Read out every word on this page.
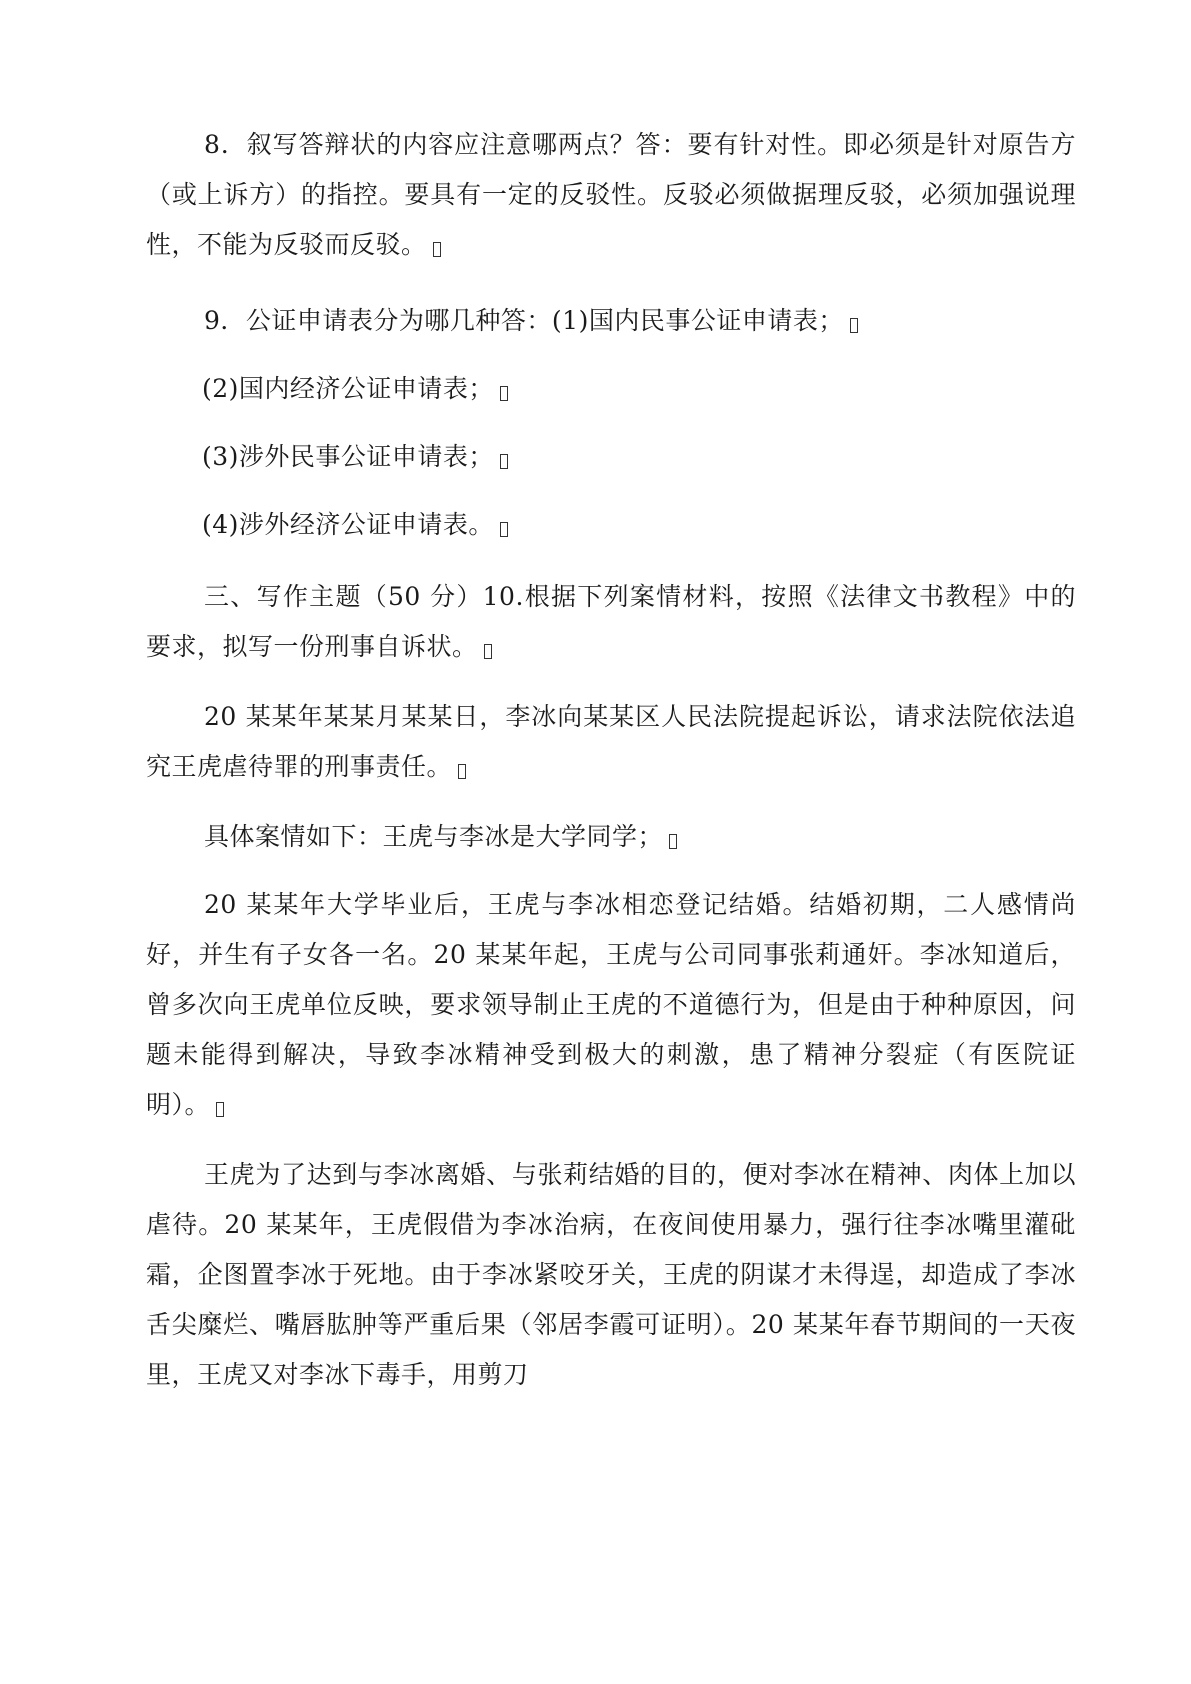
8．叙写答辩状的内容应注意哪两点？答：要有针对性。即必须是针对原告方（或上诉方）的指控。要具有一定的反驳性。反驳必须做据理反驳，必须加强说理性，不能为反驳而反驳。

9．公证申请表分为哪几种答：(1)国内民事公证申请表；

(2)国内经济公证申请表；

(3)涉外民事公证申请表；

(4)涉外经济公证申请表。

三、写作主题（50 分）10.根据下列案情材料，按照《法律文书教程》中的要求，拟写一份刑事自诉状。

20 某某年某某月某某日，李冰向某某区人民法院提起诉讼，请求法院依法追究王虎虐待罪的刑事责任。

具体案情如下：王虎与李冰是大学同学；

20 某某年大学毕业后，王虎与李冰相恋登记结婚。结婚初期，二人感情尚好，并生有子女各一名。20 某某年起，王虎与公司同事张莉通奸。李冰知道后，曾多次向王虎单位反映，要求领导制止王虎的不道德行为，但是由于种种原因，问题未能得到解决，导致李冰精神受到极大的刺激，患了精神分裂症（有医院证明）。

王虎为了达到与李冰离婚、与张莉结婚的目的，便对李冰在精神、肉体上加以虐待。20 某某年，王虎假借为李冰治病，在夜间使用暴力，强行往李冰嘴里灌砒霜，企图置李冰于死地。由于李冰紧咬牙关，王虎的阴谋才未得逞，却造成了李冰舌尖糜烂、嘴唇肱肿等严重后果（邻居李霞可证明）。20 某某年春节期间的一天夜里，王虎又对李冰下毒手，用剪刀
